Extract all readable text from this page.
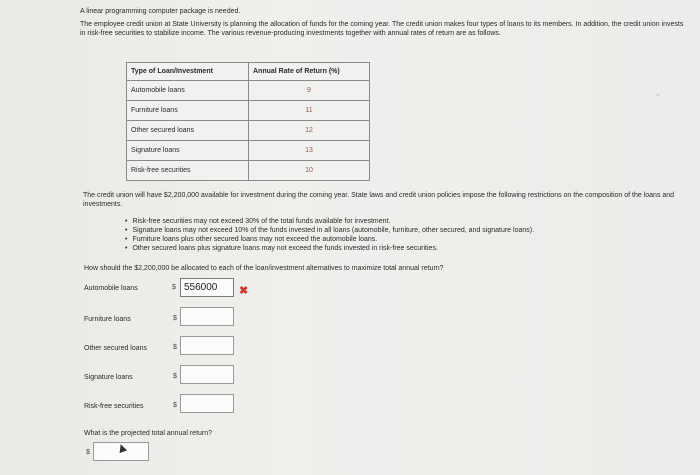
A linear programming computer package is needed.
The employee credit union at State University is planning the allocation of funds for the coming year. The credit union makes four types of loans to its members. In addition, the credit union invests in risk-free securities to stabilize income. The various revenue-producing investments together with annual rates of return are as follows.
Type of Loan/Investment	Annual Rate of Return (%)
Automobile loans	9
Furniture loans	11
Other secured loans	12
Signature loans	13
Risk-free securities	10
⌄
The credit union will have $2,200,000 available for investment during the coming year. State laws and credit union policies impose the following restrictions on the composition of the loans and investments.
• Risk-free securities may not exceed 30% of the total funds available for investment.
• Signature loans may not exceed 10% of the funds invested in all loans (automobile, furniture, other secured, and signature loans).
• Furniture loans plus other secured loans may not exceed the automobile loans.
• Other secured loans plus signature loans may not exceed the funds invested in risk-free securities.
How should the $2,200,000 be allocated to each of the loan/investment alternatives to maximize total annual return?
Automobile loans	$ 556000	✖
Furniture loans	$
Other secured loans	$
Signature loans	$
Risk-free securities	$
What is the projected total annual return?
$
